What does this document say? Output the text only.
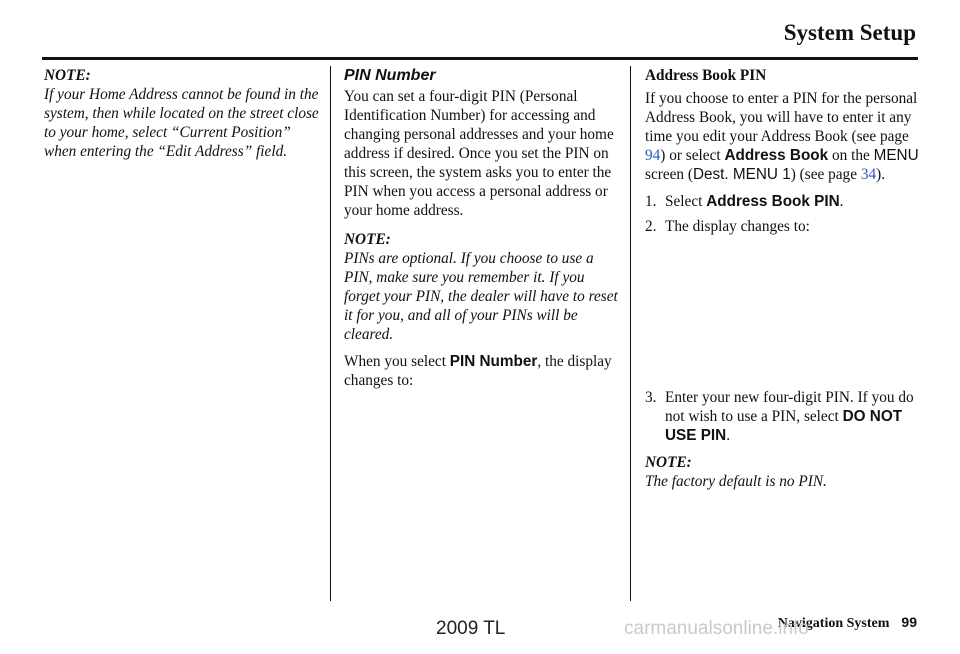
System Setup

NOTE:

If your Home Address cannot be found in the system, then while located on the street close to your home, select “Current Position” when entering the “Edit Address” field.

PIN Number

You can set a four-digit PIN (Personal Identification Number) for accessing and changing personal addresses and your home address if desired. Once you set the PIN on this screen, the system asks you to enter the PIN when you access a personal address or your home address.

NOTE:

PINs are optional. If you choose to use a PIN, make sure you remember it. If you forget your PIN, the dealer will have to reset it for you, and all of your PINs will be cleared.

When you select PIN Number, the display changes to:

Address Book PIN

If you choose to enter a PIN for the personal Address Book, you will have to enter it any time you edit your Address Book (see page 94) or select Address Book on the MENU screen (Dest. MENU 1) (see page 34).

1. Select Address Book PIN.
2. The display changes to:
3. Enter your new four-digit PIN. If you do not wish to use a PIN, select DO NOT USE PIN.

NOTE:

The factory default is no PIN.

Navigation System 99
2009 TL	carmanualsonline.info
